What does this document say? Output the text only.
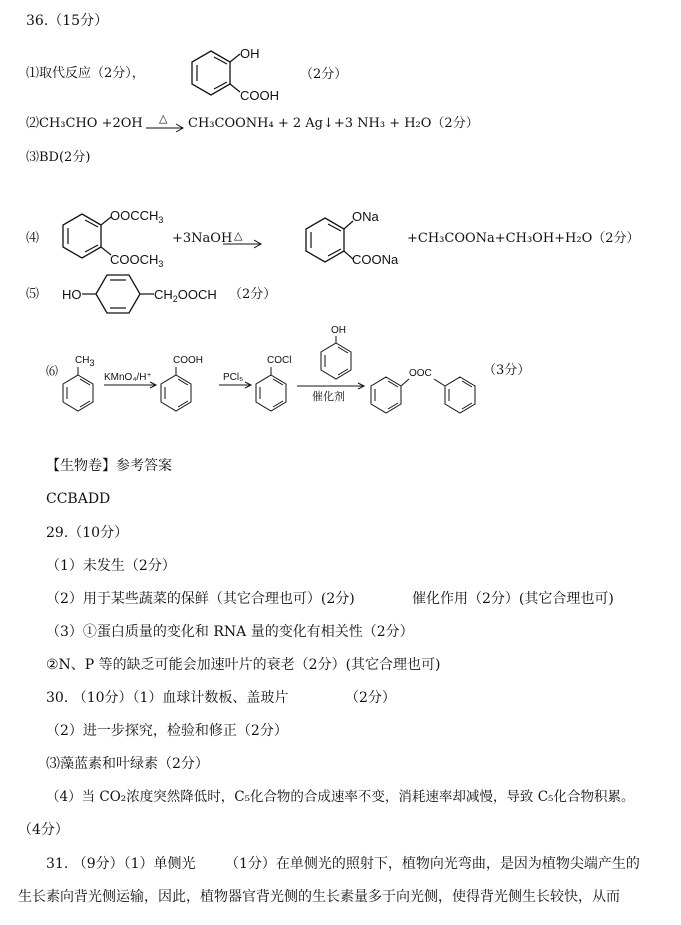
36.（15分）
⑴取代反应（2分），
OH
COOH
（2分）
⑵CH₃CHO +2OH △ CH₃COONH₄ + 2 Ag↓+3 NH₃ + H₂O（2分）
⑶BD(2分)
⑷
$OOCCH_3$
$COOCH_3$
+3NaOH △
ONa
COONa
+CH₃COONa+CH₃OH+H₂O（2分）
⑸ HO	$CH_2OOCH$ （2分）
⑹
$CH_3$
KMnO₄/H⁺
COOH
PCl₅
COCl
OH
催化剂
OOC	（3分）
【生物卷】参考答案
CCBADD
29.（10分）
（1）未发生（2分）
（2）用于某些蔬菜的保鲜（其它合理也可）(2分)	催化作用（2分）(其它合理也可)
（3）①蛋白质量的变化和 RNA 量的变化有相关性（2分）
②N、P 等的缺乏可能会加速叶片的衰老（2分）(其它合理也可)
30. （10分）（1）血球计数板、盖玻片	（2分）
（2）进一步探究，检验和修正（2分）
⑶藻蓝素和叶绿素（2分）
（4）当 CO₂浓度突然降低时，C₅化合物的合成速率不变，消耗速率却减慢，导致 C₅化合物积累。
（4分）
31. （9分）（1）单侧光 （1分）在单侧光的照射下，植物向光弯曲，是因为植物尖端产生的
生长素向背光侧运输，因此，植物器官背光侧的生长素量多于向光侧，使得背光侧生长较快，从而
